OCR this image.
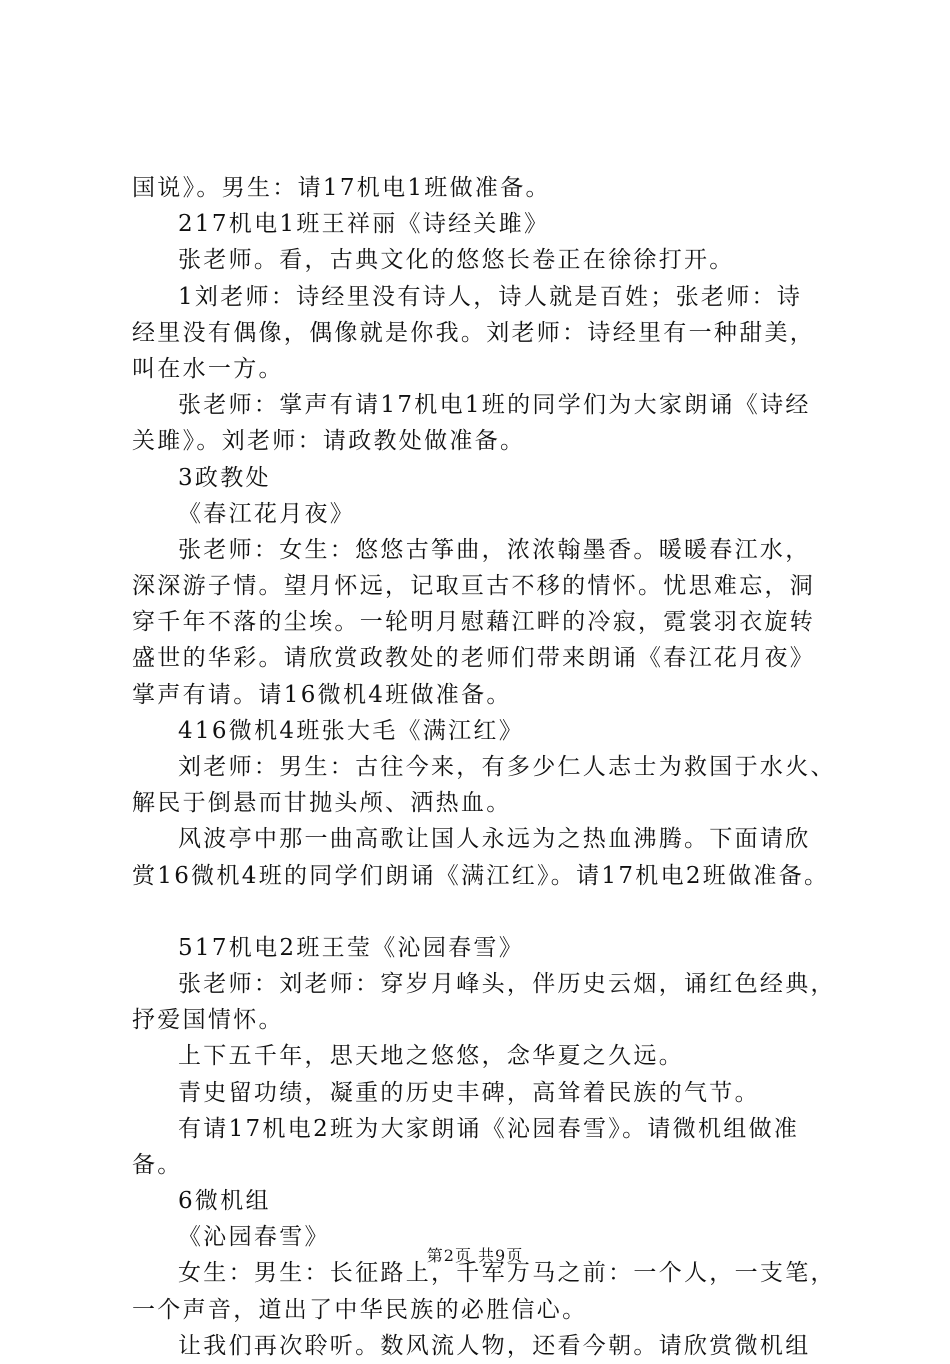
国说》。男生：请17机电1班做准备。
217机电1班王祥丽《诗经关雎》
张老师。看，古典文化的悠悠长卷正在徐徐打开。
1刘老师：诗经里没有诗人，诗人就是百姓；张老师：诗
经里没有偶像，偶像就是你我。刘老师：诗经里有一种甜美，
叫在水一方。
张老师：掌声有请17机电1班的同学们为大家朗诵《诗经
关雎》。刘老师：请政教处做准备。
3政教处
《春江花月夜》
张老师：女生：悠悠古筝曲，浓浓翰墨香。暖暖春江水，
深深游子情。望月怀远，记取亘古不移的情怀。忧思难忘，洞
穿千年不落的尘埃。一轮明月慰藉江畔的冷寂，霓裳羽衣旋转
盛世的华彩。请欣赏政教处的老师们带来朗诵《春江花月夜》
掌声有请。请16微机4班做准备。
416微机4班张大毛《满江红》
刘老师：男生：古往今来，有多少仁人志士为救国于水火、
解民于倒悬而甘抛头颅、洒热血。
风波亭中那一曲高歌让国人永远为之热血沸腾。下面请欣
赏16微机4班的同学们朗诵《满江红》。请17机电2班做准备。
517机电2班王莹《沁园春雪》
张老师：刘老师：穿岁月峰头，伴历史云烟，诵红色经典，
抒爱国情怀。
上下五千年，思天地之悠悠，念华夏之久远。
青史留功绩，凝重的历史丰碑，高耸着民族的气节。
有请17机电2班为大家朗诵《沁园春雪》。请微机组做准
备。
6微机组
《沁园春雪》
女生：男生：长征路上，千军万马之前：一个人，一支笔，
一个声音，道出了中华民族的必胜信心。
让我们再次聆听。数风流人物，还看今朝。请欣赏微机组
第2页 共9页
